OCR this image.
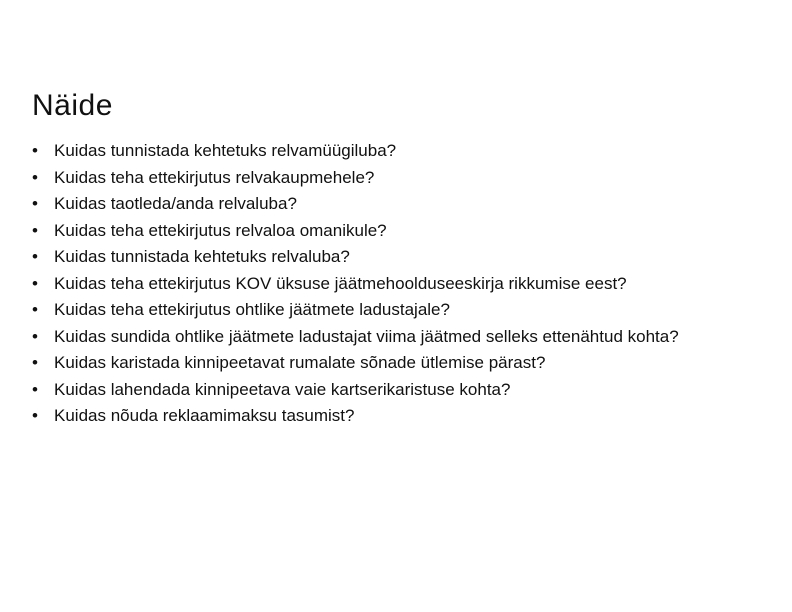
Näide
• Kuidas tunnistada kehtetuks relvamüügiluba?
• Kuidas teha ettekirjutus relvakaupmehele?
• Kuidas taotleda/anda relvaluba?
• Kuidas teha ettekirjutus relvaloa omanikule?
• Kuidas tunnistada kehtetuks relvaluba?
• Kuidas teha ettekirjutus KOV üksuse jäätmehoolduseeskirja rikkumise eest?
• Kuidas teha ettekirjutus ohtlike jäätmete ladustajale?
• Kuidas sundida ohtlike jäätmete ladustajat viima jäätmed selleks ettenähtud kohta?
• Kuidas karistada kinnipeetavat rumalate sõnade ütlemise pärast?
• Kuidas lahendada kinnipeetava vaie kartserikaristuse kohta?
• Kuidas nõuda reklaamimaksu tasumist?
